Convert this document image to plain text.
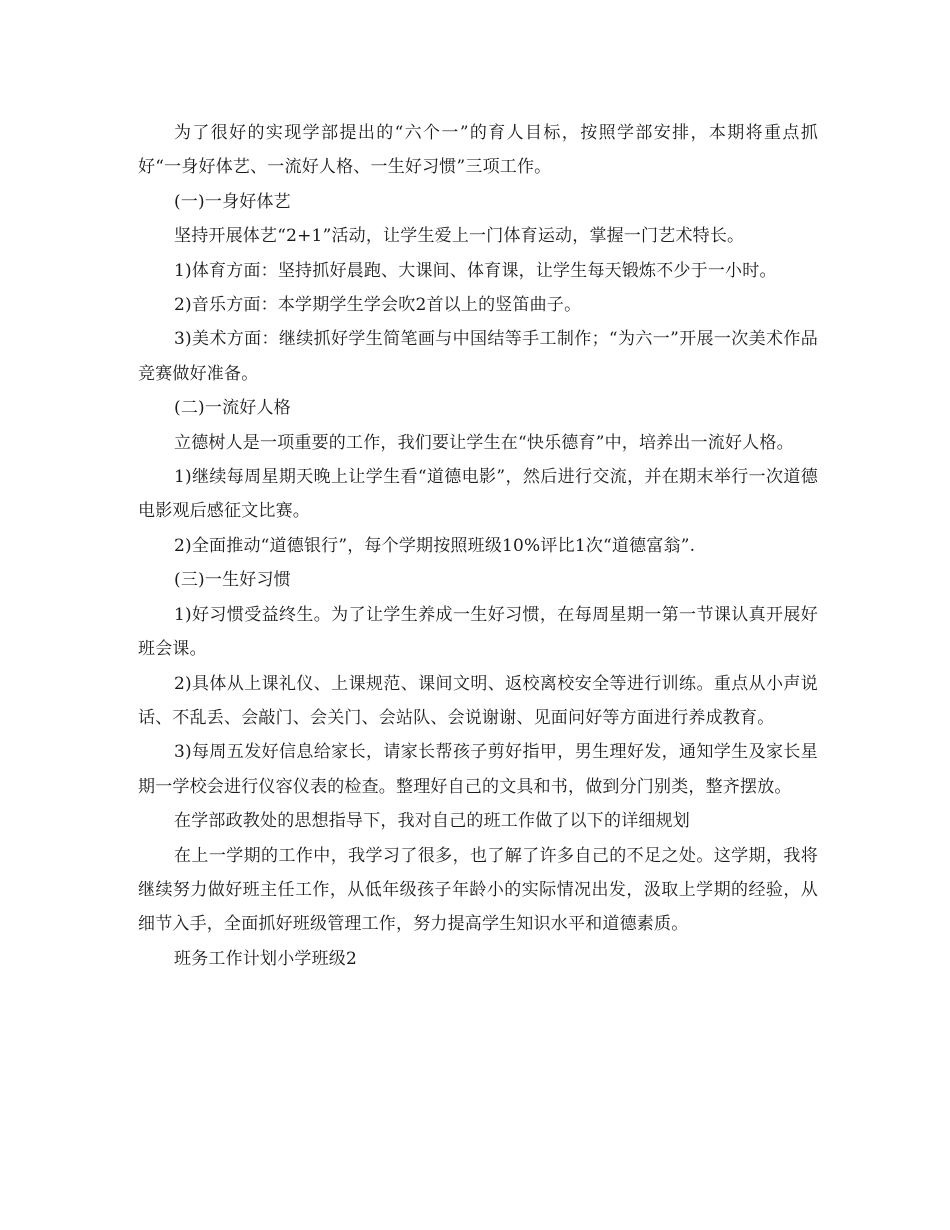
为了很好的实现学部提出的“六个一”的育人目标，按照学部安排，本期将重点抓好“一身好体艺、一流好人格、一生好习惯”三项工作。

(一)一身好体艺

坚持开展体艺“2+1”活动，让学生爱上一门体育运动，掌握一门艺术特长。

1)体育方面：坚持抓好晨跑、大课间、体育课，让学生每天锻炼不少于一小时。

2)音乐方面：本学期学生学会吹2首以上的竖笛曲子。

3)美术方面：继续抓好学生简笔画与中国结等手工制作；“为六一”开展一次美术作品竞赛做好准备。

(二)一流好人格

立德树人是一项重要的工作，我们要让学生在“快乐德育”中，培养出一流好人格。

1)继续每周星期天晚上让学生看“道德电影”，然后进行交流，并在期末举行一次道德电影观后感征文比赛。

2)全面推动“道德银行”，每个学期按照班级10%评比1次“道德富翁”.

(三)一生好习惯

1)好习惯受益终生。为了让学生养成一生好习惯，在每周星期一第一节课认真开展好班会课。

2)具体从上课礼仪、上课规范、课间文明、返校离校安全等进行训练。重点从小声说话、不乱丢、会敲门、会关门、会站队、会说谢谢、见面问好等方面进行养成教育。

3)每周五发好信息给家长，请家长帮孩子剪好指甲，男生理好发，通知学生及家长星期一学校会进行仪容仪表的检查。整理好自己的文具和书，做到分门别类，整齐摆放。

在学部政教处的思想指导下，我对自己的班工作做了以下的详细规划

在上一学期的工作中，我学习了很多，也了解了许多自己的不足之处。这学期，我将继续努力做好班主任工作，从低年级孩子年龄小的实际情况出发，汲取上学期的经验，从细节入手，全面抓好班级管理工作，努力提高学生知识水平和道德素质。

班务工作计划小学班级2
